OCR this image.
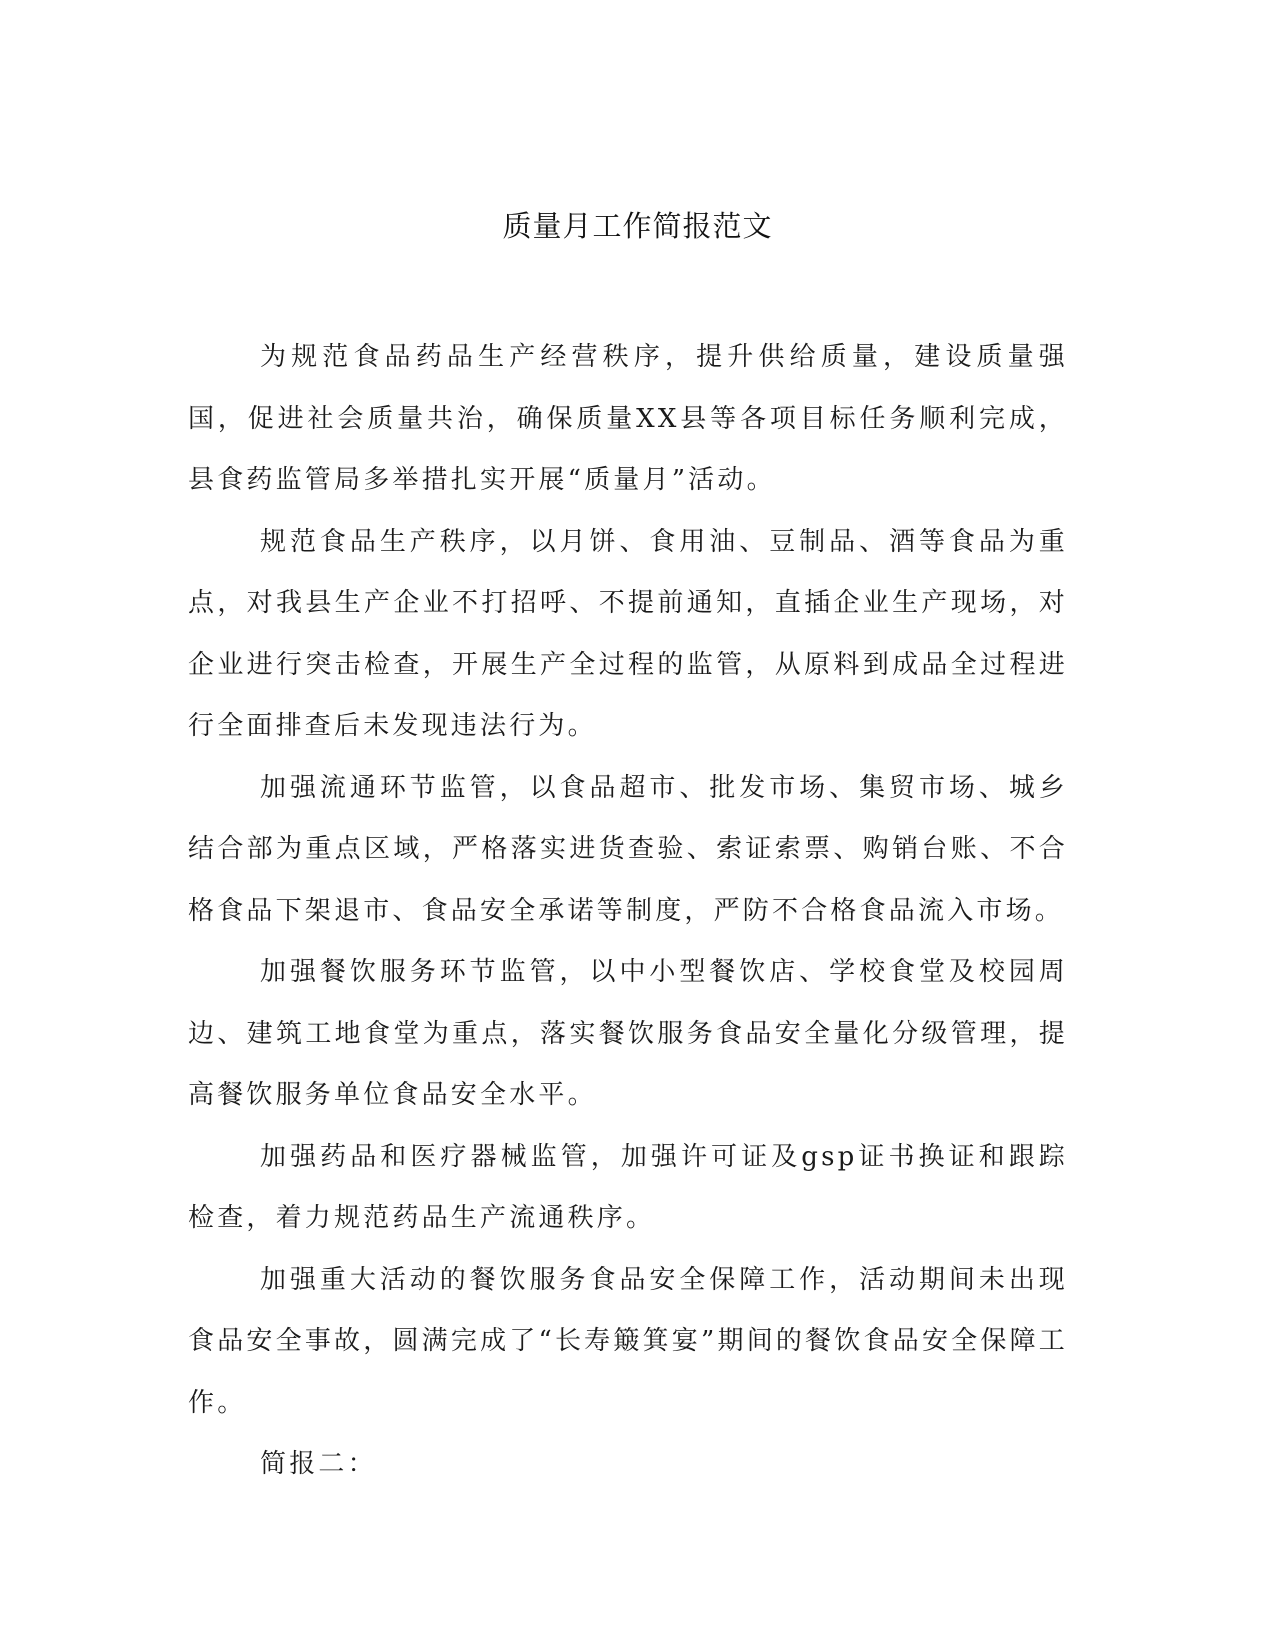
质量月工作简报范文

为规范食品药品生产经营秩序，提升供给质量，建设质量强国，促进社会质量共治，确保质量XX县等各项目标任务顺利完成，县食药监管局多举措扎实开展“质量月”活动。

规范食品生产秩序，以月饼、食用油、豆制品、酒等食品为重点，对我县生产企业不打招呼、不提前通知，直插企业生产现场，对企业进行突击检查，开展生产全过程的监管，从原料到成品全过程进行全面排查后未发现违法行为。

加强流通环节监管，以食品超市、批发市场、集贸市场、城乡结合部为重点区域，严格落实进货查验、索证索票、购销台账、不合格食品下架退市、食品安全承诺等制度，严防不合格食品流入市场。

加强餐饮服务环节监管，以中小型餐饮店、学校食堂及校园周边、建筑工地食堂为重点，落实餐饮服务食品安全量化分级管理，提高餐饮服务单位食品安全水平。

加强药品和医疗器械监管，加强许可证及gsp证书换证和跟踪检查，着力规范药品生产流通秩序。

加强重大活动的餐饮服务食品安全保障工作，活动期间未出现食品安全事故，圆满完成了“长寿簸箕宴”期间的餐饮食品安全保障工作。

简报二：
